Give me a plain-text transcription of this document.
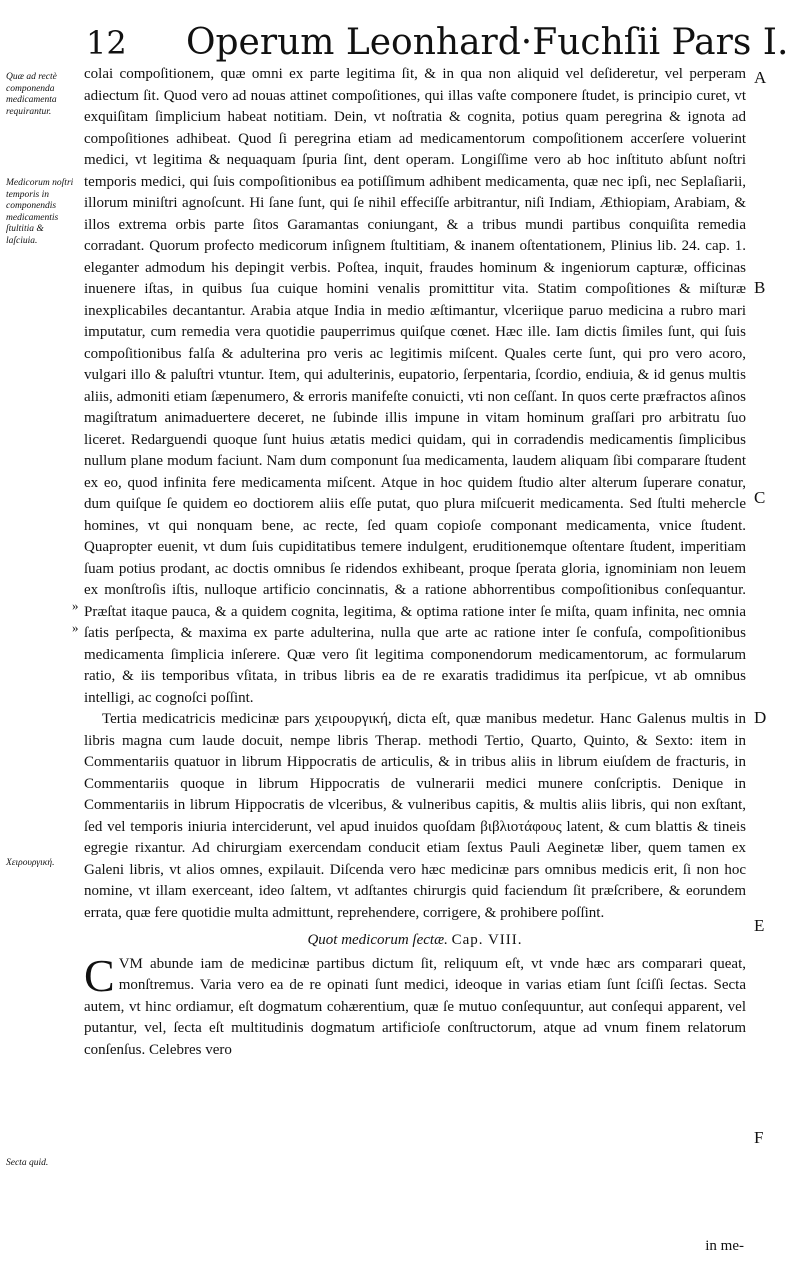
12 Operum Leonhard·Fuchſii Pars I.
Quæ ad rectè componenda medicamenta requirantur.
Medicorum noſtri temporis in componendis medicamentis ſtultitia & laſciuia.
Χειρουργική.
Secta quid.
»
»
A
B
C
D
E
F

colai compoſitionem, quæ omni ex parte legitima ſit, & in qua non aliquid vel deſideretur, vel perperam adiectum ſit. Quod vero ad nouas attinet compoſitiones, qui illas vaſte componere ſtudet, is principio curet, vt exquiſitam ſimplicium habeat notitiam. Dein, vt noſtratia & cognita, potius quam peregrina & ignota ad compoſitiones adhibeat. Quod ſi peregrina etiam ad medicamentorum compoſitionem accerſere voluerint medici, vt legitima & nequaquam ſpuria ſint, dent operam. Longiſſime vero ab hoc inſtituto abſunt noſtri temporis medici, qui ſuis compoſitionibus ea potiſſimum adhibent medicamenta, quæ nec ipſi, nec Seplaſiarii, illorum miniſtri agnoſcunt. Hi ſane ſunt, qui ſe nihil effeciſſe arbitrantur, niſi Indiam, Æthiopiam, Arabiam, & illos extrema orbis parte ſitos Garamantas coniungant, & a tribus mundi partibus conquiſita remedia corradant. Quorum profecto medicorum inſignem ſtultitiam, & inanem oſtentationem, Plinius lib. 24. cap. 1. eleganter admodum his depingit verbis. Poſtea, inquit, fraudes hominum & ingeniorum capturæ, officinas inuenere iſtas, in quibus ſua cuique homini venalis promittitur vita. Statim compoſitiones & miſturæ inexplicabiles decantantur. Arabia atque India in medio æſtimantur, vlceriique paruo medicina a rubro mari imputatur, cum remedia vera quotidie pauperrimus quiſque cœnet. Hæc ille. Iam dictis ſimiles ſunt, qui ſuis compoſitionibus falſa & adulterina pro veris ac legitimis miſcent. Quales certe ſunt, qui pro vero acoro, vulgari illo & paluſtri vtuntur. Item, qui adulterinis, eupatorio, ſerpentaria, ſcordio, endiuia, & id genus multis aliis, admoniti etiam ſæpenumero, & erroris manifeſte conuicti, vti non ceſſant. In quos certe præfractos aſinos magiſtratum animaduertere deceret, ne ſubinde illis impune in vitam hominum graſſari pro arbitratu ſuo liceret. Redarguendi quoque ſunt huius ætatis medici quidam, qui in corradendis medicamentis ſimplicibus nullum plane modum faciunt. Nam dum componunt ſua medicamenta, laudem aliquam ſibi comparare ſtudent ex eo, quod infinita fere medicamenta miſcent. Atque in hoc quidem ſtudio alter alterum ſuperare conatur, dum quiſque ſe quidem eo doctiorem aliis eſſe putat, quo plura miſcuerit medicamenta. Sed ſtulti mehercle homines, vt qui nonquam bene, ac recte, ſed quam copioſe componant medicamenta, vnice ſtudent. Quapropter euenit, vt dum ſuis cupiditatibus temere indulgent, eruditionemque oſtentare ſtudent, imperitiam ſuam potius prodant, ac doctis omnibus ſe ridendos exhibeant, proque ſperata gloria, ignominiam non leuem ex monſtroſis iſtis, nulloque artificio concinnatis, & a ratione abhorrentibus compoſitionibus conſequantur. Præſtat itaque pauca, & a quidem cognita, legitima, & optima ratione inter ſe miſta, quam infinita, nec omnia ſatis perſpecta, & maxima ex parte adulterina, nulla que arte ac ratione inter ſe confuſa, compoſitionibus medicamenta ſimplicia inſerere. Quæ vero ſit legitima componendorum medicamentorum, ac formularum ratio, & iis temporibus vſitata, in tribus libris ea de re exaratis tradidimus ita perſpicue, vt ab omnibus intelligi, ac cognoſci poſſint.

Tertia medicatricis medicinæ pars χειρουργική, dicta eſt, quæ manibus medetur. Hanc Galenus multis in libris magna cum laude docuit, nempe libris Therap. methodi Tertio, Quarto, Quinto, & Sexto: item in Commentariis quatuor in librum Hippocratis de articulis, & in tribus aliis in librum eiuſdem de fracturis, in Commentariis quoque in librum Hippocratis de vulnerarii medici munere conſcriptis. Denique in Commentariis in librum Hippocratis de vlceribus, & vulneribus capitis, & multis aliis libris, qui non exſtant, ſed vel temporis iniuria interciderunt, vel apud inuidos quoſdam βιβλιοτάφους latent, & cum blattis & tineis egregie rixantur. Ad chirurgiam exercendam conducit etiam ſextus Pauli Aeginetæ liber, quem tamen ex Galeni libris, vt alios omnes, expilauit. Diſcenda vero hæc medicinæ pars omnibus medicis erit, ſi non hoc nomine, vt illam exerceant, ideo ſaltem, vt adſtantes chirurgis quid faciendum ſit præſcribere, & eorundem errata, quæ fere quotidie multa admittunt, reprehendere, corrigere, & prohibere poſſint.

Quot medicorum ſectæ. Cap. VIII.

CVM abunde iam de medicinæ partibus dictum ſit, reliquum eſt, vt vnde hæc ars comparari queat, monſtremus. Varia vero ea de re opinati ſunt medici, ideoque in varias etiam ſunt ſciſſi ſectas. Secta autem, vt hinc ordiamur, eſt dogmatum cohærentium, quæ ſe mutuo conſequuntur, aut conſequi apparent, vel putantur, vel, ſecta eſt multitudinis dogmatum artificioſe conſtructorum, atque ad vnum finem relatorum conſenſus. Celebres vero

in me-
